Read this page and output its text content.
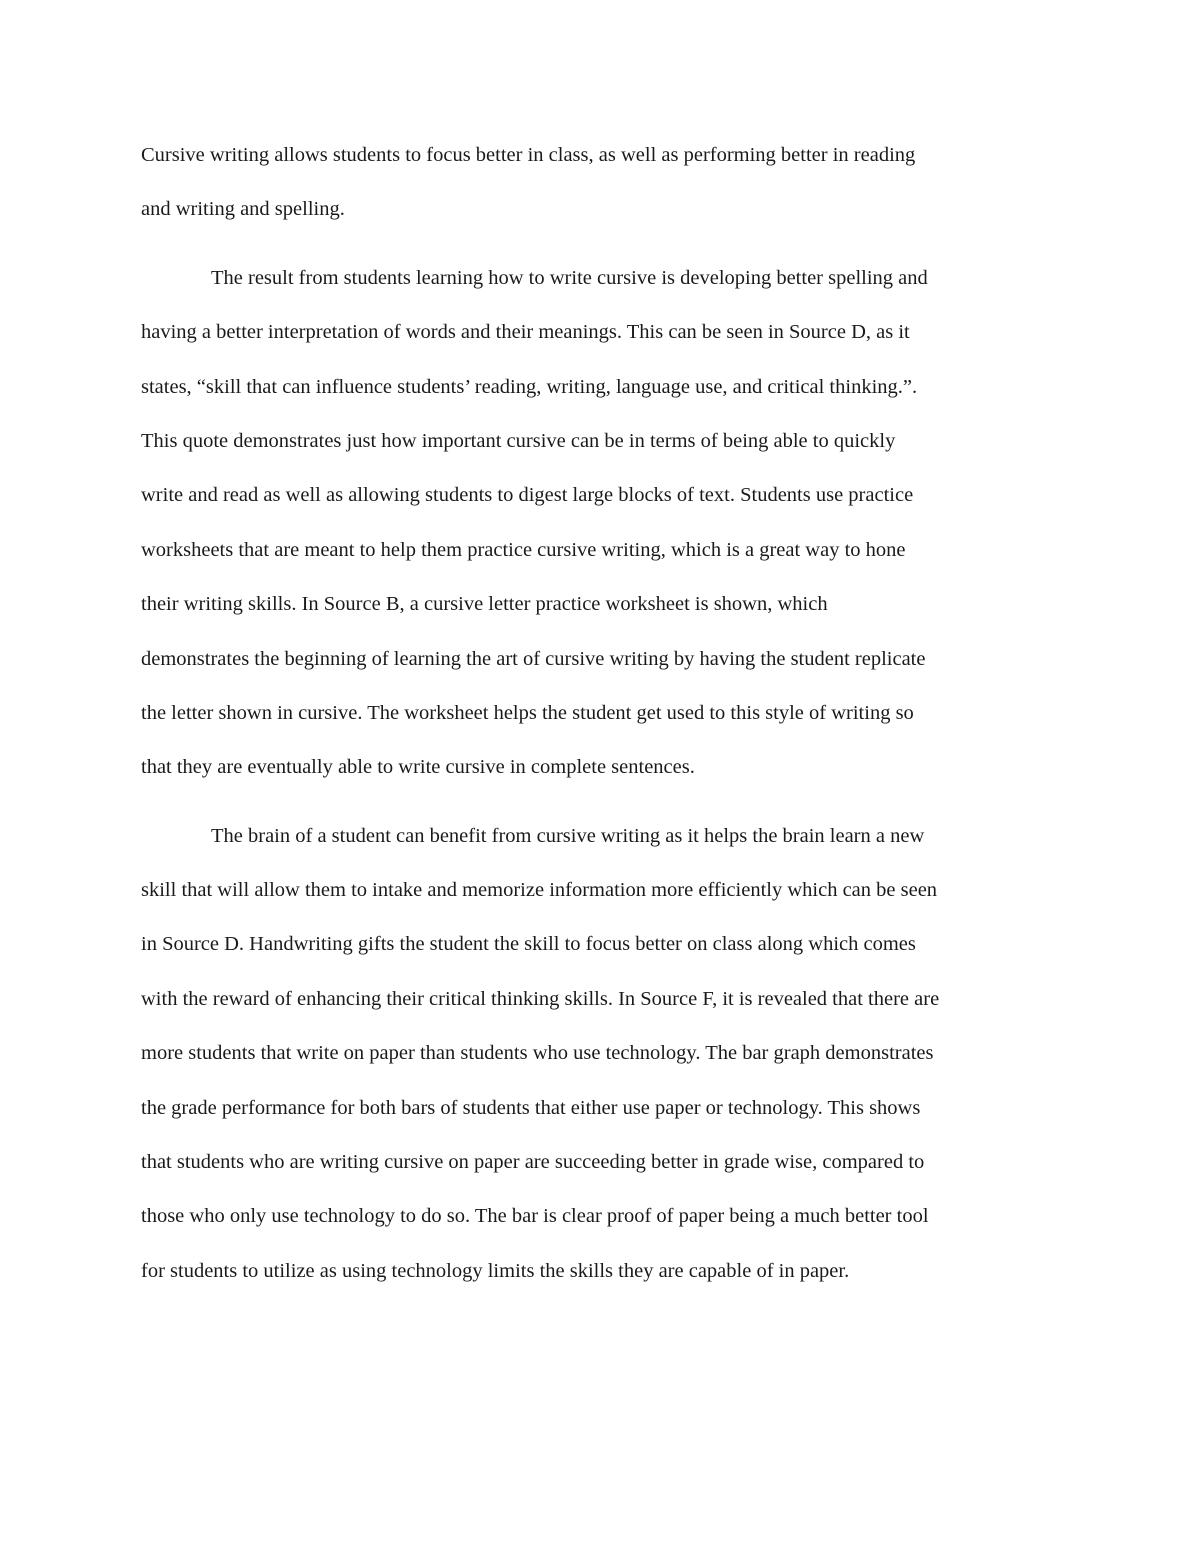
Cursive writing allows students to focus better in class, as well as performing better in reading
and writing and spelling.
The result from students learning how to write cursive is developing better spelling and
having a better interpretation of words and their meanings. This can be seen in Source D, as it
states, “skill that can influence students’ reading, writing, language use, and critical thinking.”.
This quote demonstrates just how important cursive can be in terms of being able to quickly
write and read as well as allowing students to digest large blocks of text. Students use practice
worksheets that are meant to help them practice cursive writing, which is a great way to hone
their writing skills. In Source B, a cursive letter practice worksheet is shown, which
demonstrates the beginning of learning the art of cursive writing by having the student replicate
the letter shown in cursive. The worksheet helps the student get used to this style of writing so
that they are eventually able to write cursive in complete sentences.
The brain of a student can benefit from cursive writing as it helps the brain learn a new
skill that will allow them to intake and memorize information more efficiently which can be seen
in Source D. Handwriting gifts the student the skill to focus better on class along which comes
with the reward of enhancing their critical thinking skills. In Source F, it is revealed that there are
more students that write on paper than students who use technology. The bar graph demonstrates
the grade performance for both bars of students that either use paper or technology. This shows
that students who are writing cursive on paper are succeeding better in grade wise, compared to
those who only use technology to do so. The bar is clear proof of paper being a much better tool
for students to utilize as using technology limits the skills they are capable of in paper.
